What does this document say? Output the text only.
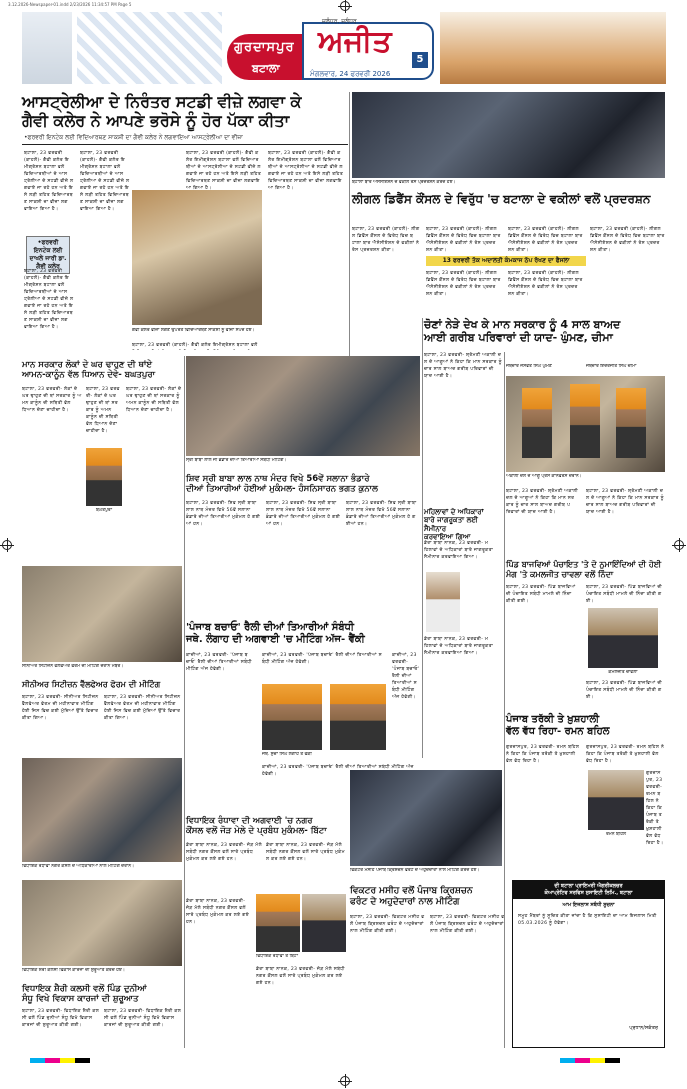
3.12.2026-Newspaper-01.indd 2/23/2026 11:34:57 PM Page 5
ਗੁਰਦਾਸਪੁਰ
ਬਟਾਲਾ
ਜਲੰਧਰ, ਜਲੰਧਰ
ਅਜੀਤ
ਮੰਗਲਵਾਰ, 24 ਫਰਵਰੀ 2026
5
ਆਸਟ੍ਰੇਲੀਆ ਦੇ ਨਿਰੰਤਰ ਸਟਡੀ ਵੀਜ਼ੇ ਲਗਵਾ ਕੇ
ਗੈਵੀ ਕਲੇਰ ਨੇ ਆਪਣੇ ਭਰੋਸੇ ਨੂੰ ਹੋਰ ਪੱਕਾ ਕੀਤਾ
•ਫਰਵਰੀ ਇਨਟੇਕ ਲਈ ਵਿਦਿਆਰਥਣ ਸਾਕਸ਼ੀ ਦਾ ਗੈਵੀ ਕਲੇਰ ਨੇ ਲਗਵਾਇਆ ਆਸਟ੍ਰੇਲੀਆ ਦਾ ਵੀਜ਼ਾ
•ਫਰਵਰੀ ਇਨਟੇਕ ਲਈ ਦਾਖਲੇ ਜਾਰੀ ਡਾ. ਗੈਵੀ ਕਲੇਰ
ਬਟਾਲਾ, 23 ਫਰਵਰੀ (ਕਾਹਲੋਂ)- ਗੈਵੀ ਕਲੇਰ ਇਮੀਗ੍ਰੇਸ਼ਨ ਬਟਾਲਾ ਵਲੋਂ ਵਿਦਿਆਰਥੀਆਂ ਦੇ ਆਸਟ੍ਰੇਲੀਆ ਦੇ ਸਟਡੀ ਵੀਜ਼ੇ ਲਗਵਾਏ ਜਾ ਰਹੇ ਹਨ ਅਤੇ ਇਸੇ ਲੜੀ ਤਹਿਤ ਵਿਦਿਆਰਥਣ ਸਾਕਸ਼ੀ ਦਾ ਵੀਜ਼ਾ ਲਗਵਾਇਆ ਗਿਆ ਹੈ।
ਬਟਾਲਾ, 23 ਫਰਵਰੀ (ਕਾਹਲੋਂ)- ਗੈਵੀ ਕਲੇਰ ਇਮੀਗ੍ਰੇਸ਼ਨ ਬਟਾਲਾ ਵਲੋਂ ਵਿਦਿਆਰਥੀਆਂ ਦੇ ਆਸਟ੍ਰੇਲੀਆ ਦੇ ਸਟਡੀ ਵੀਜ਼ੇ ਲਗਵਾਏ ਜਾ ਰਹੇ ਹਨ ਅਤੇ ਇਸੇ ਲੜੀ ਤਹਿਤ ਵਿਦਿਆਰਥਣ ਸਾਕਸ਼ੀ ਦਾ ਵੀਜ਼ਾ ਲਗਵਾਇਆ ਗਿਆ ਹੈ।
ਬਟਾਲਾ, 23 ਫਰਵਰੀ (ਕਾਹਲੋਂ)- ਗੈਵੀ ਕਲੇਰ ਇਮੀਗ੍ਰੇਸ਼ਨ ਬਟਾਲਾ ਵਲੋਂ ਵਿਦਿਆਰਥੀਆਂ ਦੇ ਆਸਟ੍ਰੇਲੀਆ ਦੇ ਸਟਡੀ ਵੀਜ਼ੇ ਲਗਵਾਏ ਜਾ ਰਹੇ ਹਨ ਅਤੇ ਇਸੇ ਲੜੀ ਤਹਿਤ ਵਿਦਿਆਰਥਣ ਸਾਕਸ਼ੀ ਦਾ ਵੀਜ਼ਾ ਲਗਵਾਇਆ ਗਿਆ ਹੈ।
ਬਟਾਲਾ, 23 ਫਰਵਰੀ (ਕਾਹਲੋਂ)- ਗੈਵੀ ਕਲੇਰ ਇਮੀਗ੍ਰੇਸ਼ਨ ਬਟਾਲਾ ਵਲੋਂ ਵਿਦਿਆਰਥੀਆਂ ਦੇ ਆਸਟ੍ਰੇਲੀਆ ਦੇ ਸਟਡੀ ਵੀਜ਼ੇ ਲਗਵਾਏ ਜਾ ਰਹੇ ਹਨ ਅਤੇ ਇਸੇ ਲੜੀ ਤਹਿਤ ਵਿਦਿਆਰਥਣ ਸਾਕਸ਼ੀ ਦਾ ਵੀਜ਼ਾ ਲਗਵਾਇਆ ਗਿਆ ਹੈ।
ਬਟਾਲਾ, 23 ਫਰਵਰੀ (ਕਾਹਲੋਂ)- ਗੈਵੀ ਕਲੇਰ ਇਮੀਗ੍ਰੇਸ਼ਨ ਬਟਾਲਾ ਵਲੋਂ ਵਿਦਿਆਰਥੀਆਂ ਦੇ ਆਸਟ੍ਰੇਲੀਆ ਦੇ ਸਟਡੀ ਵੀਜ਼ੇ ਲਗਵਾਏ ਜਾ ਰਹੇ ਹਨ ਅਤੇ ਇਸੇ ਲੜੀ ਤਹਿਤ ਵਿਦਿਆਰਥਣ ਸਾਕਸ਼ੀ ਦਾ ਵੀਜ਼ਾ ਲਗਵਾਇਆ ਗਿਆ ਹੈ।
ਗੈਵੀ ਕਲੇਰ ਵੀਜ਼ਾ ਲੱਗਣ ਉਪਰੰਤ ਵਿਦਿਆਰਥਣ ਸਾਕਸ਼ੀ ਨੂੰ ਵੀਜ਼ਾ ਸੌਂਪਦੇ ਹੋਏ।
ਬਟਾਲਾ, 23 ਫਰਵਰੀ (ਕਾਹਲੋਂ)- ਗੈਵੀ ਕਲੇਰ ਇਮੀਗ੍ਰੇਸ਼ਨ ਬਟਾਲਾ ਵਲੋਂ
ਬਟਾਲਾ ਬਾਰ ਐਸੋਸੀਏਸ਼ਨ ਦੇ ਵਕੀਲ ਰੋਸ ਪ੍ਰਦਰਸ਼ਨ ਕਰਦੇ ਹੋਏ।
ਲੀਗਲ ਡਿਫੈਂਸ ਕੌਂਸਲ ਦੇ ਵਿਰੁੱਧ 'ਚ ਬਟਾਲਾ ਦੇ ਵਕੀਲਾਂ ਵਲੋਂ ਪ੍ਰਦਰਸ਼ਨ
ਬਟਾਲਾ, 23 ਫਰਵਰੀ (ਕਾਹਲੋਂ)- ਲੀਗਲ ਡਿਫੈਂਸ ਕੌਂਸਲ ਦੇ ਵਿਰੋਧ ਵਿਚ ਬਟਾਲਾ ਬਾਰ ਐਸੋਸੀਏਸ਼ਨ ਦੇ ਵਕੀਲਾਂ ਨੇ ਰੋਸ ਪ੍ਰਦਰਸ਼ਨ ਕੀਤਾ।
13 ਫਰਵਰੀ ਤੱਕ ਅਦਾਲਤੀ ਕੰਮਕਾਜ ਠੱਪ ਰੱਖਣ ਦਾ ਫੈਸਲਾ
ਬਟਾਲਾ, 23 ਫਰਵਰੀ (ਕਾਹਲੋਂ)- ਲੀਗਲ ਡਿਫੈਂਸ ਕੌਂਸਲ ਦੇ ਵਿਰੋਧ ਵਿਚ ਬਟਾਲਾ ਬਾਰ ਐਸੋਸੀਏਸ਼ਨ ਦੇ ਵਕੀਲਾਂ ਨੇ ਰੋਸ ਪ੍ਰਦਰਸ਼ਨ ਕੀਤਾ।
ਬਟਾਲਾ, 23 ਫਰਵਰੀ (ਕਾਹਲੋਂ)- ਲੀਗਲ ਡਿਫੈਂਸ ਕੌਂਸਲ ਦੇ ਵਿਰੋਧ ਵਿਚ ਬਟਾਲਾ ਬਾਰ ਐਸੋਸੀਏਸ਼ਨ ਦੇ ਵਕੀਲਾਂ ਨੇ ਰੋਸ ਪ੍ਰਦਰਸ਼ਨ ਕੀਤਾ।
ਬਟਾਲਾ, 23 ਫਰਵਰੀ (ਕਾਹਲੋਂ)- ਲੀਗਲ ਡਿਫੈਂਸ ਕੌਂਸਲ ਦੇ ਵਿਰੋਧ ਵਿਚ ਬਟਾਲਾ ਬਾਰ ਐਸੋਸੀਏਸ਼ਨ ਦੇ ਵਕੀਲਾਂ ਨੇ ਰੋਸ ਪ੍ਰਦਰਸ਼ਨ ਕੀਤਾ।
ਬਟਾਲਾ, 23 ਫਰਵਰੀ (ਕਾਹਲੋਂ)- ਲੀਗਲ ਡਿਫੈਂਸ ਕੌਂਸਲ ਦੇ ਵਿਰੋਧ ਵਿਚ ਬਟਾਲਾ ਬਾਰ ਐਸੋਸੀਏਸ਼ਨ ਦੇ ਵਕੀਲਾਂ ਨੇ ਰੋਸ ਪ੍ਰਦਰਸ਼ਨ ਕੀਤਾ।
ਬਟਾਲਾ, 23 ਫਰਵਰੀ (ਕਾਹਲੋਂ)- ਲੀਗਲ ਡਿਫੈਂਸ ਕੌਂਸਲ ਦੇ ਵਿਰੋਧ ਵਿਚ ਬਟਾਲਾ ਬਾਰ ਐਸੋਸੀਏਸ਼ਨ ਦੇ ਵਕੀਲਾਂ ਨੇ ਰੋਸ ਪ੍ਰਦਰਸ਼ਨ ਕੀਤਾ।
ਚੋਣਾਂ ਨੇੜੇ ਦੇਖ ਕੇ ਮਾਨ ਸਰਕਾਰ ਨੂੰ 4 ਸਾਲ ਬਾਅਦ
ਆਈ ਗਰੀਬ ਪਰਿਵਾਰਾਂ ਦੀ ਯਾਦ- ਘੁੰਮਣ, ਚੀਮਾ
ਬਟਾਲਾ, 23 ਫਰਵਰੀ- ਸ਼੍ਰੋਮਣੀ ਅਕਾਲੀ ਦਲ ਦੇ ਆਗੂਆਂ ਨੇ ਕਿਹਾ ਕਿ ਮਾਨ ਸਰਕਾਰ ਨੂੰ ਚਾਰ ਸਾਲ ਬਾਅਦ ਗਰੀਬ ਪਰਿਵਾਰਾਂ ਦੀ ਯਾਦ ਆਈ ਹੈ।
ਜਥੇਦਾਰ ਜਸਵੰਤ ਸਿੰਘ ਘੁੰਮਣ	ਜਥੇਦਾਰ ਇੰਦਰਜੀਤ ਸਿੰਘ ਚੀਮਾ
ਅਕਾਲੀ ਦਲ ਦੇ ਆਗੂ ਪ੍ਰੈਸ ਕਾਨਫਰੰਸ ਦੌਰਾਨ।
ਬਟਾਲਾ, 23 ਫਰਵਰੀ- ਸ਼੍ਰੋਮਣੀ ਅਕਾਲੀ ਦਲ ਦੇ ਆਗੂਆਂ ਨੇ ਕਿਹਾ ਕਿ ਮਾਨ ਸਰਕਾਰ ਨੂੰ ਚਾਰ ਸਾਲ ਬਾਅਦ ਗਰੀਬ ਪਰਿਵਾਰਾਂ ਦੀ ਯਾਦ ਆਈ ਹੈ।
ਬਟਾਲਾ, 23 ਫਰਵਰੀ- ਸ਼੍ਰੋਮਣੀ ਅਕਾਲੀ ਦਲ ਦੇ ਆਗੂਆਂ ਨੇ ਕਿਹਾ ਕਿ ਮਾਨ ਸਰਕਾਰ ਨੂੰ ਚਾਰ ਸਾਲ ਬਾਅਦ ਗਰੀਬ ਪਰਿਵਾਰਾਂ ਦੀ ਯਾਦ ਆਈ ਹੈ।
ਮਾਨ ਸਰਕਾਰ ਲੋਕਾਂ ਦੇ ਘਰ ਢਾਹੁਣ ਦੀ ਥਾਂਏ
ਆਮਨ-ਕਾਨੂੰਨ ਵੱਲ ਧਿਆਨ ਦੇਵੇ- ਬਘਤਪੁਰਾ
ਬਟਾਲਾ, 23 ਫਰਵਰੀ- ਲੋਕਾਂ ਦੇ ਘਰ ਢਾਹੁਣ ਦੀ ਥਾਂ ਸਰਕਾਰ ਨੂੰ ਅਮਨ ਕਾਨੂੰਨ ਦੀ ਸਥਿਤੀ ਵੱਲ ਧਿਆਨ ਦੇਣਾ ਚਾਹੀਦਾ ਹੈ।
ਬਘਤਪੁਰਾ
ਬਟਾਲਾ, 23 ਫਰਵਰੀ- ਲੋਕਾਂ ਦੇ ਘਰ ਢਾਹੁਣ ਦੀ ਥਾਂ ਸਰਕਾਰ ਨੂੰ ਅਮਨ ਕਾਨੂੰਨ ਦੀ ਸਥਿਤੀ ਵੱਲ ਧਿਆਨ ਦੇਣਾ ਚਾਹੀਦਾ ਹੈ।
ਬਟਾਲਾ, 23 ਫਰਵਰੀ- ਲੋਕਾਂ ਦੇ ਘਰ ਢਾਹੁਣ ਦੀ ਥਾਂ ਸਰਕਾਰ ਨੂੰ ਅਮਨ ਕਾਨੂੰਨ ਦੀ ਸਥਿਤੀ ਵੱਲ ਧਿਆਨ ਦੇਣਾ ਚਾਹੀਦਾ ਹੈ।
ਸ੍ਰੀ ਬਾਬਾ ਲਾਲ ਜੀ ਭੰਡਾਰੇ ਦੀਆਂ ਤਿਆਰੀਆਂ ਸਬੰਧੀ ਮੀਟਿੰਗ।
ਸ਼ਿਵ ਸ੍ਰੀ ਬਾਬਾ ਲਾਲ ਨਾਥ ਮੰਦਰ ਵਿਖੇ 56ਵੇਂ ਸਲਾਨਾ ਭੰਡਾਰੇ
ਦੀਆਂ ਤਿਆਰੀਆਂ ਹੋਈਆਂ ਮੁਕੰਮਲ- ਹੰਸਨਿਸਾਰਨ ਭਗਤ ਕੁਨਾਲ
ਬਟਾਲਾ, 23 ਫਰਵਰੀ- ਸ਼ਿਵ ਸ੍ਰੀ ਬਾਬਾ ਲਾਲ ਨਾਥ ਮੰਦਰ ਵਿਖੇ 56ਵੇਂ ਸਲਾਨਾ ਭੰਡਾਰੇ ਦੀਆਂ ਤਿਆਰੀਆਂ ਮੁਕੰਮਲ ਹੋ ਗਈਆਂ ਹਨ।
ਬਟਾਲਾ, 23 ਫਰਵਰੀ- ਸ਼ਿਵ ਸ੍ਰੀ ਬਾਬਾ ਲਾਲ ਨਾਥ ਮੰਦਰ ਵਿਖੇ 56ਵੇਂ ਸਲਾਨਾ ਭੰਡਾਰੇ ਦੀਆਂ ਤਿਆਰੀਆਂ ਮੁਕੰਮਲ ਹੋ ਗਈਆਂ ਹਨ।
ਬਟਾਲਾ, 23 ਫਰਵਰੀ- ਸ਼ਿਵ ਸ੍ਰੀ ਬਾਬਾ ਲਾਲ ਨਾਥ ਮੰਦਰ ਵਿਖੇ 56ਵੇਂ ਸਲਾਨਾ ਭੰਡਾਰੇ ਦੀਆਂ ਤਿਆਰੀਆਂ ਮੁਕੰਮਲ ਹੋ ਗਈਆਂ ਹਨ।
ਮਹਿਲਾਵਾਂ ਦੇ ਅਧਿਕਾਰਾਂ
ਬਾਰੇ ਜਾਗਰੂਕਤਾ ਲਈ ਸੈਮੀਨਾਰ
ਕਰਵਾਇਆ ਗਿਆ
ਡੇਰਾ ਬਾਬਾ ਨਾਨਕ, 23 ਫਰਵਰੀ- ਮਹਿਲਾਵਾਂ ਦੇ ਅਧਿਕਾਰਾਂ ਬਾਰੇ ਜਾਗਰੂਕਤਾ ਸੈਮੀਨਾਰ ਕਰਵਾਇਆ ਗਿਆ।
ਡੇਰਾ ਬਾਬਾ ਨਾਨਕ, 23 ਫਰਵਰੀ- ਮਹਿਲਾਵਾਂ ਦੇ ਅਧਿਕਾਰਾਂ ਬਾਰੇ ਜਾਗਰੂਕਤਾ ਸੈਮੀਨਾਰ ਕਰਵਾਇਆ ਗਿਆ।
ਸੀਨੀਅਰ ਸਿਟੀਜ਼ਨ ਵੈੱਲਫੇਅਰ ਫੋਰਮ ਦੀ ਮੀਟਿੰਗ ਦੌਰਾਨ ਮੈਂਬਰ।
ਸੀਨੀਅਰ ਸਿਟੀਜ਼ਨ ਵੈੱਲਫੇਅਰ ਫੋਰਮ ਦੀ ਮੀਟਿੰਗ
ਬਟਾਲਾ, 23 ਫਰਵਰੀ- ਸੀਨੀਅਰ ਸਿਟੀਜ਼ਨ ਵੈੱਲਫੇਅਰ ਫੋਰਮ ਦੀ ਮਹੀਨਾਵਾਰ ਮੀਟਿੰਗ ਹੋਈ ਜਿਸ ਵਿਚ ਕਈ ਮੁੱਦਿਆਂ ਉੱਤੇ ਵਿਚਾਰ ਕੀਤਾ ਗਿਆ।
ਬਟਾਲਾ, 23 ਫਰਵਰੀ- ਸੀਨੀਅਰ ਸਿਟੀਜ਼ਨ ਵੈੱਲਫੇਅਰ ਫੋਰਮ ਦੀ ਮਹੀਨਾਵਾਰ ਮੀਟਿੰਗ ਹੋਈ ਜਿਸ ਵਿਚ ਕਈ ਮੁੱਦਿਆਂ ਉੱਤੇ ਵਿਚਾਰ ਕੀਤਾ ਗਿਆ।
'ਪੰਜਾਬ ਬਚਾਓ' ਰੈਲੀ ਦੀਆਂ ਤਿਆਰੀਆਂ ਸੰਬੰਧੀ
ਜਥੇ. ਲੰਗਾਹ ਦੀ ਅਗਵਾਈ 'ਚ ਮੀਟਿੰਗ ਅੱਜ- ਵੈਂਕੀ
ਕਾਦੀਆਂ, 23 ਫਰਵਰੀ- 'ਪੰਜਾਬ ਬਚਾਓ' ਰੈਲੀ ਦੀਆਂ ਤਿਆਰੀਆਂ ਸਬੰਧੀ ਮੀਟਿੰਗ ਅੱਜ ਹੋਵੇਗੀ।
ਜਥੇ. ਸੁੱਚਾ ਸਿੰਘ ਲੰਗਾਹ ਤੇ ਵੈਂਕੀ
ਕਾਦੀਆਂ, 23 ਫਰਵਰੀ- 'ਪੰਜਾਬ ਬਚਾਓ' ਰੈਲੀ ਦੀਆਂ ਤਿਆਰੀਆਂ ਸਬੰਧੀ ਮੀਟਿੰਗ ਅੱਜ ਹੋਵੇਗੀ।
ਕਾਦੀਆਂ, 23 ਫਰਵਰੀ- 'ਪੰਜਾਬ ਬਚਾਓ' ਰੈਲੀ ਦੀਆਂ ਤਿਆਰੀਆਂ ਸਬੰਧੀ ਮੀਟਿੰਗ ਅੱਜ ਹੋਵੇਗੀ।
ਕਾਦੀਆਂ, 23 ਫਰਵਰੀ- 'ਪੰਜਾਬ ਬਚਾਓ' ਰੈਲੀ ਦੀਆਂ ਤਿਆਰੀਆਂ ਸਬੰਧੀ ਮੀਟਿੰਗ ਅੱਜ ਹੋਵੇਗੀ।
ਪਿੰਡ ਬਾਜਵਿਆਂ ਪੰਚਾਇਤ 'ਤੇ ਦੋ ਨੁਮਾਇੰਦਿਆਂ ਦੀ ਹੋਈ
ਮੰਗ 'ਤੇ ਕਮਲਜੀਤ ਚਾਵਲਾ ਵਲੋਂ ਨਿੰਦਾ
ਬਟਾਲਾ, 23 ਫਰਵਰੀ- ਪਿੰਡ ਬਾਜਵਿਆਂ ਦੀ ਪੰਚਾਇਤ ਸਬੰਧੀ ਮਾਮਲੇ ਦੀ ਨਿੰਦਾ ਕੀਤੀ ਗਈ।
ਕਮਲਜੀਤ ਚਾਵਲਾ
ਬਟਾਲਾ, 23 ਫਰਵਰੀ- ਪਿੰਡ ਬਾਜਵਿਆਂ ਦੀ ਪੰਚਾਇਤ ਸਬੰਧੀ ਮਾਮਲੇ ਦੀ ਨਿੰਦਾ ਕੀਤੀ ਗਈ।
ਬਟਾਲਾ, 23 ਫਰਵਰੀ- ਪਿੰਡ ਬਾਜਵਿਆਂ ਦੀ ਪੰਚਾਇਤ ਸਬੰਧੀ ਮਾਮਲੇ ਦੀ ਨਿੰਦਾ ਕੀਤੀ ਗਈ।
ਪੰਜਾਬ ਤਰੱਕੀ ਤੇ ਖ਼ੁਸ਼ਹਾਲੀ
ਵੱਲ ਵੱਧ ਰਿਹਾ- ਰਮਨ ਬਹਿਲ
ਗੁਰਦਾਸਪੁਰ, 23 ਫਰਵਰੀ- ਰਮਨ ਬਹਿਲ ਨੇ ਕਿਹਾ ਕਿ ਪੰਜਾਬ ਤਰੱਕੀ ਤੇ ਖ਼ੁਸ਼ਹਾਲੀ ਵੱਲ ਵੱਧ ਰਿਹਾ ਹੈ।
ਰਮਨ ਬਹਿਲ
ਗੁਰਦਾਸਪੁਰ, 23 ਫਰਵਰੀ- ਰਮਨ ਬਹਿਲ ਨੇ ਕਿਹਾ ਕਿ ਪੰਜਾਬ ਤਰੱਕੀ ਤੇ ਖ਼ੁਸ਼ਹਾਲੀ ਵੱਲ ਵੱਧ ਰਿਹਾ ਹੈ।
ਗੁਰਦਾਸਪੁਰ, 23 ਫਰਵਰੀ- ਰਮਨ ਬਹਿਲ ਨੇ ਕਿਹਾ ਕਿ ਪੰਜਾਬ ਤਰੱਕੀ ਤੇ ਖ਼ੁਸ਼ਹਾਲੀ ਵੱਲ ਵੱਧ ਰਿਹਾ ਹੈ।
ਵਿਧਾਇਕ ਰੰਧਾਵਾ ਨਗਰ ਕੌਂਸਲ ਦੇ ਅਧਿਕਾਰੀਆਂ ਨਾਲ ਮੀਟਿੰਗ ਦੌਰਾਨ।
ਵਿਧਾਇਕ ਰੰਧਾਵਾ ਦੀ ਅਗਵਾਈ 'ਚ ਨਗਰ
ਕੌਂਸਲ ਵਲੋਂ ਜੋੜ ਮੇਲੇ ਦੇ ਪ੍ਰਬੰਧ ਮੁਕੰਮਲ- ਬਿੱਟਾ
ਡੇਰਾ ਬਾਬਾ ਨਾਨਕ, 23 ਫਰਵਰੀ- ਜੋੜ ਮੇਲੇ ਸਬੰਧੀ ਨਗਰ ਕੌਂਸਲ ਵਲੋਂ ਸਾਰੇ ਪ੍ਰਬੰਧ ਮੁਕੰਮਲ ਕਰ ਲਏ ਗਏ ਹਨ।
ਵਿਧਾਇਕ ਰੰਧਾਵਾ ਤੇ ਬਿੱਟਾ
ਡੇਰਾ ਬਾਬਾ ਨਾਨਕ, 23 ਫਰਵਰੀ- ਜੋੜ ਮੇਲੇ ਸਬੰਧੀ ਨਗਰ ਕੌਂਸਲ ਵਲੋਂ ਸਾਰੇ ਪ੍ਰਬੰਧ ਮੁਕੰਮਲ ਕਰ ਲਏ ਗਏ ਹਨ।
ਡੇਰਾ ਬਾਬਾ ਨਾਨਕ, 23 ਫਰਵਰੀ- ਜੋੜ ਮੇਲੇ ਸਬੰਧੀ ਨਗਰ ਕੌਂਸਲ ਵਲੋਂ ਸਾਰੇ ਪ੍ਰਬੰਧ ਮੁਕੰਮਲ ਕਰ ਲਏ ਗਏ ਹਨ।
ਡੇਰਾ ਬਾਬਾ ਨਾਨਕ, 23 ਫਰਵਰੀ- ਜੋੜ ਮੇਲੇ ਸਬੰਧੀ ਨਗਰ ਕੌਂਸਲ ਵਲੋਂ ਸਾਰੇ ਪ੍ਰਬੰਧ ਮੁਕੰਮਲ ਕਰ ਲਏ ਗਏ ਹਨ।
ਵਿਕਟਰ ਮਸੀਹ ਪੰਜਾਬ ਕ੍ਰਿਸ਼ਚਨ ਫਰੰਟ ਦੇ ਅਹੁਦੇਦਾਰਾਂ ਨਾਲ ਮੀਟਿੰਗ ਕਰਦੇ ਹੋਏ।
ਵਿਕਟਰ ਮਸੀਹ ਵਲੋਂ ਪੰਜਾਬ ਕ੍ਰਿਸ਼ਚਨ
ਫਰੰਟ ਦੇ ਅਹੁਦੇਦਾਰਾਂ ਨਾਲ ਮੀਟਿੰਗ
ਬਟਾਲਾ, 23 ਫਰਵਰੀ- ਵਿਕਟਰ ਮਸੀਹ ਵਲੋਂ ਪੰਜਾਬ ਕ੍ਰਿਸ਼ਚਨ ਫਰੰਟ ਦੇ ਅਹੁਦੇਦਾਰਾਂ ਨਾਲ ਮੀਟਿੰਗ ਕੀਤੀ ਗਈ।
ਬਟਾਲਾ, 23 ਫਰਵਰੀ- ਵਿਕਟਰ ਮਸੀਹ ਵਲੋਂ ਪੰਜਾਬ ਕ੍ਰਿਸ਼ਚਨ ਫਰੰਟ ਦੇ ਅਹੁਦੇਦਾਰਾਂ ਨਾਲ ਮੀਟਿੰਗ ਕੀਤੀ ਗਈ।
ਵਿਧਾਇਕ ਸ਼ੈਰੀ ਕਲਸੀ ਵਿਕਾਸ ਕਾਰਜਾਂ ਦੀ ਸ਼ੁਰੂਆਤ ਕਰਦੇ ਹੋਏ।
ਵਿਧਾਇਕ ਸ਼ੈਰੀ ਕਲਸੀ ਵਲੋਂ ਪਿੰਡ ਦੁਨੀਆਂ
ਸੰਧੂ ਵਿਖੇ ਵਿਕਾਸ ਕਾਰਜਾਂ ਦੀ ਸ਼ੁਰੂਆਤ
ਬਟਾਲਾ, 23 ਫਰਵਰੀ- ਵਿਧਾਇਕ ਸ਼ੈਰੀ ਕਲਸੀ ਵਲੋਂ ਪਿੰਡ ਦੁਨੀਆਂ ਸੰਧੂ ਵਿਖੇ ਵਿਕਾਸ ਕਾਰਜਾਂ ਦੀ ਸ਼ੁਰੂਆਤ ਕੀਤੀ ਗਈ।
ਬਟਾਲਾ, 23 ਫਰਵਰੀ- ਵਿਧਾਇਕ ਸ਼ੈਰੀ ਕਲਸੀ ਵਲੋਂ ਪਿੰਡ ਦੁਨੀਆਂ ਸੰਧੂ ਵਿਖੇ ਵਿਕਾਸ ਕਾਰਜਾਂ ਦੀ ਸ਼ੁਰੂਆਤ ਕੀਤੀ ਗਈ।
ਦੀ ਬਟਾਲਾ ਪ੍ਰਾਇਮਰੀ ਐਗਰੀਕਲਚਰ
ਕੋਆਪ੍ਰੇਟਿਵ ਸਰਵਿਸ ਸੁਸਾਇਟੀ ਲਿਮਿ., ਬਟਾਲਾ
ਆਮ ਇਜਲਾਸ ਸਬੰਧੀ ਸੂਚਨਾ
ਸਮੂਹ ਮੈਂਬਰਾਂ ਨੂੰ ਸੂਚਿਤ ਕੀਤਾ ਜਾਂਦਾ ਹੈ ਕਿ ਸੁਸਾਇਟੀ ਦਾ ਆਮ ਇਜਲਾਸ ਮਿਤੀ 05.03.2026 ਨੂੰ ਹੋਵੇਗਾ।
ਪ੍ਰਧਾਨ/ਸਕੱਤਰ
